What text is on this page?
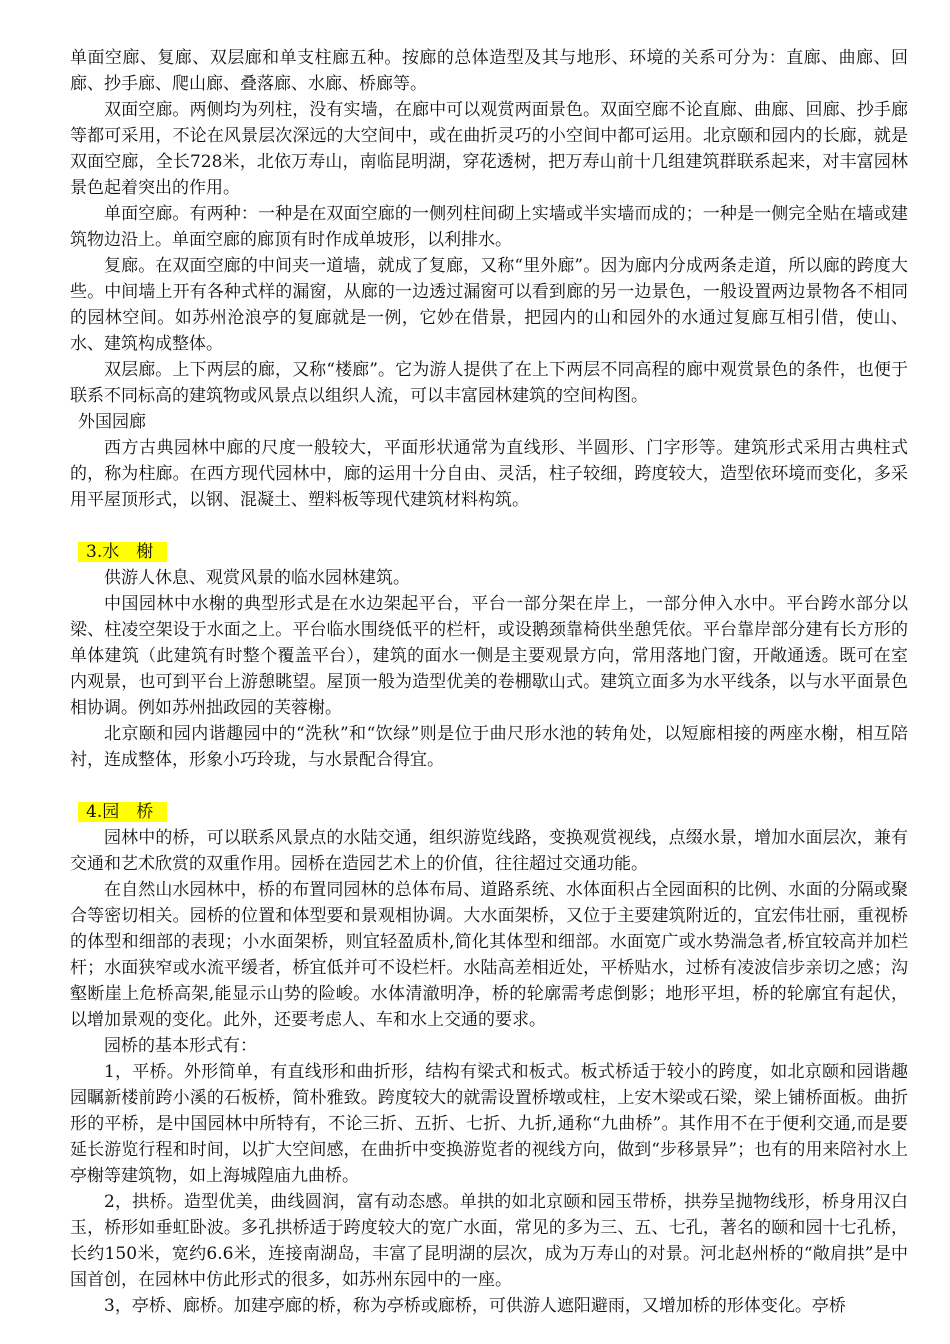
单面空廊、复廊、双层廊和单支柱廊五种。按廊的总体造型及其与地形、环境的关系可分为：直廊、曲廊、回廊、抄手廊、爬山廊、叠落廊、水廊、桥廊等。

双面空廊。两侧均为列柱，没有实墙，在廊中可以观赏两面景色。双面空廊不论直廊、曲廊、回廊、抄手廊等都可采用，不论在风景层次深远的大空间中，或在曲折灵巧的小空间中都可运用。北京颐和园内的长廊，就是双面空廊，全长728米，北依万寿山，南临昆明湖，穿花透树，把万寿山前十几组建筑群联系起来，对丰富园林景色起着突出的作用。

单面空廊。有两种：一种是在双面空廊的一侧列柱间砌上实墙或半实墙而成的；一种是一侧完全贴在墙或建筑物边沿上。单面空廊的廊顶有时作成单坡形，以利排水。

复廊。在双面空廊的中间夹一道墙，就成了复廊，又称“里外廊”。因为廊内分成两条走道，所以廊的跨度大些。中间墙上开有各种式样的漏窗，从廊的一边透过漏窗可以看到廊的另一边景色，一般设置两边景物各不相同的园林空间。如苏州沧浪亭的复廊就是一例，它妙在借景，把园内的山和园外的水通过复廊互相引借，使山、水、建筑构成整体。

双层廊。上下两层的廊，又称“楼廊”。它为游人提供了在上下两层不同高程的廊中观赏景色的条件，也便于联系不同标高的建筑物或风景点以组织人流，可以丰富园林建筑的空间构图。

外国园廊

西方古典园林中廊的尺度一般较大，平面形状通常为直线形、半圆形、门字形等。建筑形式采用古典柱式的，称为柱廊。在西方现代园林中，廊的运用十分自由、灵活，柱子较细，跨度较大，造型依环境而变化，多采用平屋顶形式，以钢、混凝土、塑料板等现代建筑材料构筑。

3.水　榭

供游人休息、观赏风景的临水园林建筑。

中国园林中水榭的典型形式是在水边架起平台，平台一部分架在岸上，一部分伸入水中。平台跨水部分以梁、柱凌空架设于水面之上。平台临水围绕低平的栏杆，或设鹅颈靠椅供坐憩凭依。平台靠岸部分建有长方形的单体建筑（此建筑有时整个覆盖平台），建筑的面水一侧是主要观景方向，常用落地门窗，开敞通透。既可在室内观景，也可到平台上游憩眺望。屋顶一般为造型优美的卷棚歇山式。建筑立面多为水平线条，以与水平面景色相协调。例如苏州拙政园的芙蓉榭。

北京颐和园内谐趣园中的“洗秋”和“饮绿”则是位于曲尺形水池的转角处，以短廊相接的两座水榭，相互陪衬，连成整体，形象小巧玲珑，与水景配合得宜。

4.园　桥

园林中的桥，可以联系风景点的水陆交通，组织游览线路，变换观赏视线，点缀水景，增加水面层次，兼有交通和艺术欣赏的双重作用。园桥在造园艺术上的价值，往往超过交通功能。

在自然山水园林中，桥的布置同园林的总体布局、道路系统、水体面积占全园面积的比例、水面的分隔或聚合等密切相关。园桥的位置和体型要和景观相协调。大水面架桥，又位于主要建筑附近的，宜宏伟壮丽，重视桥的体型和细部的表现；小水面架桥，则宜轻盈质朴,简化其体型和细部。水面宽广或水势湍急者,桥宜较高并加栏杆；水面狭窄或水流平缓者，桥宜低并可不设栏杆。水陆高差相近处，平桥贴水，过桥有凌波信步亲切之感；沟壑断崖上危桥高架,能显示山势的险峻。水体清澈明净，桥的轮廓需考虑倒影；地形平坦，桥的轮廓宜有起伏，以增加景观的变化。此外，还要考虑人、车和水上交通的要求。

园桥的基本形式有：

1，平桥。外形简单，有直线形和曲折形，结构有梁式和板式。板式桥适于较小的跨度，如北京颐和园谐趣园瞩新楼前跨小溪的石板桥，简朴雅致。跨度较大的就需设置桥墩或柱，上安木梁或石梁，梁上铺桥面板。曲折形的平桥，是中国园林中所特有，不论三折、五折、七折、九折,通称“九曲桥”。其作用不在于便利交通,而是要延长游览行程和时间，以扩大空间感，在曲折中变换游览者的视线方向，做到“步移景异”；也有的用来陪衬水上亭榭等建筑物，如上海城隍庙九曲桥。

2，拱桥。造型优美，曲线圆润，富有动态感。单拱的如北京颐和园玉带桥，拱券呈抛物线形，桥身用汉白玉，桥形如垂虹卧波。多孔拱桥适于跨度较大的宽广水面，常见的多为三、五、七孔，著名的颐和园十七孔桥，长约150米，宽约6.6米，连接南湖岛，丰富了昆明湖的层次，成为万寿山的对景。河北赵州桥的“敞肩拱”是中国首创，在园林中仿此形式的很多，如苏州东园中的一座。

3，亭桥、廊桥。加建亭廊的桥，称为亭桥或廊桥，可供游人遮阳避雨，又增加桥的形体变化。亭桥
